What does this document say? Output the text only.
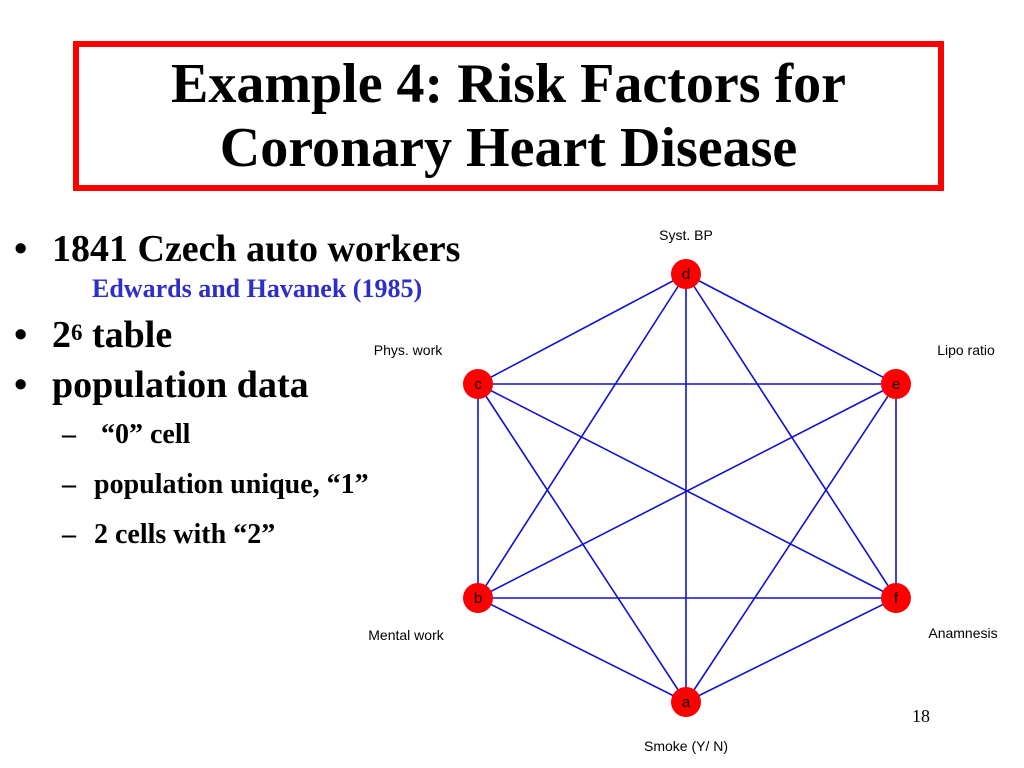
Example 4: Risk Factors for
Coronary Heart Disease
• 1841 Czech auto workers
Edwards and Havanek (1985)
• $2^6$ table
• population data
– “0” cell
– population unique, “1”
– 2 cells with “2”
d
c	e
b	f
a
Syst. BP
Phys. work	Lipo ratio
Mental work	Anamnesis
Smoke (Y/ N)
18
